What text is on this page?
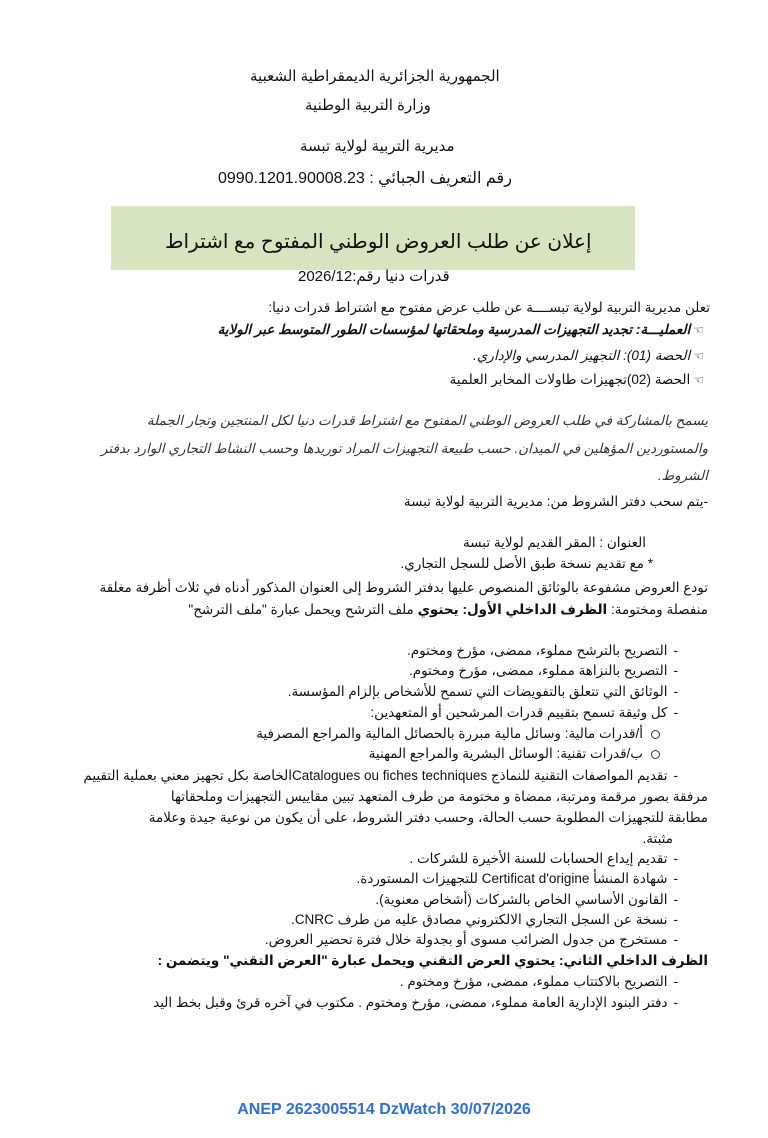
الجمهورية الجزائرية الديمقراطية الشعبية
وزارة التربية الوطنية
مديرية التربية لولاية تبسة
رقم التعريف الجبائي : 0990.1201.90008.23
إعلان عن طلب العروض الوطني المفتوح مع اشتراط
قدرات دنيا رقم:2026/12
تعلن مديرية التربية لولاية تبســــة عن طلب عرض مفتوح مع اشتراط قدرات دنيا:
☜العمليـــة: تجديد التجهيزات المدرسية وملحقاتها لمؤسسات الطور المتوسط عبر الولاية
☜الحصة (01): التجهيز المدرسي والإداري.
☜الحصة (02)تجهيزات طاولات المخابر العلمية
يسمح بالمشاركة في طلب العروض الوطني المفتوح مع اشتراط قدرات دنيا لكل المنتجين وتجار الجملة
والمستوردين المؤهلين في الميدان. حسب طبيعة التجهيزات المراد توريدها وحسب النشاط التجاري الوارد بدفتر
الشروط.
-يتم سحب دفتر الشروط من: مديرية التربية لولاية تبسة
العنوان : المقر القديم لولاية تبسة
* مع تقديم نسخة طبق الأصل للسجل التجاري.
تودع العروض مشفوعة بالوثائق المنصوص عليها بدفتر الشروط إلى العنوان المذكور أدناه في ثلاث أظرفة مغلقة
منفصلة ومختومة: الظرف الداخلي الأول: يحتوي ملف الترشح ويحمل عبارة "ملف الترشح"
-التصريح بالترشح مملوء، ممضى، مؤرخ ومختوم.
-التصريح بالنزاهة مملوء، ممضى، مؤرخ ومختوم.
-الوثائق التي تتعلق بالتفويضات التي تسمح للأشخاص بإلزام المؤسسة.
-كل وثيقة تسمح بتقييم قدرات المرشحين أو المتعهدين:
أ/قدرات مالية: وسائل مالية مبررة بالحصائل المالية والمراجع المصرفية
ب/قدرات تقنية: الوسائل البشرية والمراجع المهنية
-تقديم المواصفات التقنية للنماذج Catalogues ou fiches techniquesالخاصة بكل تجهيز معني بعملية التقييم
مرفقة بصور مرقمة ومرتبة، ممضاة و مختومة من طرف المتعهد تبين مقاييس التجهيزات وملحقاتها
مطابقة للتجهيزات المطلوبة حسب الحالة، وحسب دفتر الشروط، على أن يكون من نوعية جيدة وعلامة
مثبتة.
-تقديم إيداع الحسابات للسنة الأخيرة للشركات .
-شهادة المنشأ Certificat d'origine للتجهيزات المستوردة.
-القانون الأساسي الخاص بالشركات (أشخاص معنوية).
-نسخة عن السجل التجاري الالكتروني مصادق عليه من طرف CNRC.
-مستخرج من جدول الضرائب مسوى أو بجدولة خلال فترة تحضير العروض.
الظرف الداخلي الثاني: يحتوي العرض التقني ويحمل عبارة "العرض التقني" ويتضمن :
-التصريح بالاكتتاب مملوء، ممضى، مؤرخ ومختوم .
-دفتر البنود الإدارية العامة مملوء، ممضى، مؤرخ ومختوم . مكتوب في آخره قرئ وقبل بخط اليد
ANEP 2623005514 DzWatch 30/07/2026
